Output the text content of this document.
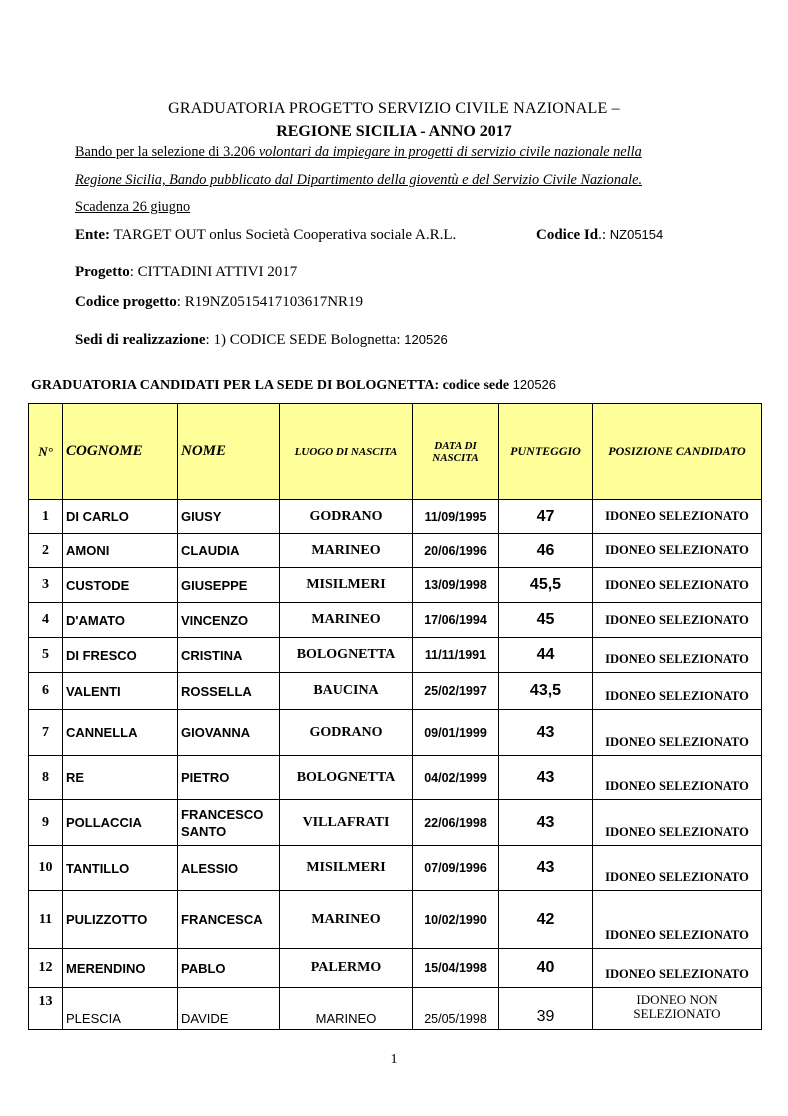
GRADUATORIA PROGETTO SERVIZIO CIVILE NAZIONALE –
REGIONE SICILIA - ANNO 2017
Bando per la selezione di 3.206 volontari da impiegare in progetti di servizio civile nazionale nella
Regione Sicilia, Bando pubblicato dal Dipartimento della gioventù e del Servizio Civile Nazionale.
Scadenza 26 giugno
Ente: TARGET OUT onlus Società Cooperativa sociale A.R.L.	Codice Id.: NZ05154
Progetto: CITTADINI ATTIVI 2017
Codice progetto: R19NZ0515417103617NR19
Sedi di realizzazione: 1) CODICE SEDE Bolognetta: 120526
GRADUATORIA CANDIDATI PER LA SEDE DI BOLOGNETTA: codice sede 120526
N°	COGNOME	NOME	LUOGO DI NASCITA	DATA DI NASCITA	PUNTEGGIO	POSIZIONE CANDIDATO
1	DI CARLO	GIUSY	GODRANO	11/09/1995	47	IDONEO SELEZIONATO
2	AMONI	CLAUDIA	MARINEO	20/06/1996	46	IDONEO SELEZIONATO
3	CUSTODE	GIUSEPPE	MISILMERI	13/09/1998	45,5	IDONEO SELEZIONATO
4	D'AMATO	VINCENZO	MARINEO	17/06/1994	45	IDONEO SELEZIONATO
5	DI FRESCO	CRISTINA	BOLOGNETTA	11/11/1991	44	IDONEO SELEZIONATO
6	VALENTI	ROSSELLA	BAUCINA	25/02/1997	43,5	IDONEO SELEZIONATO
7	CANNELLA	GIOVANNA	GODRANO	09/01/1999	43	IDONEO SELEZIONATO
8	RE	PIETRO	BOLOGNETTA	04/02/1999	43	IDONEO SELEZIONATO
9	POLLACCIA	FRANCESCO SANTO	VILLAFRATI	22/06/1998	43	IDONEO SELEZIONATO
10	TANTILLO	ALESSIO	MISILMERI	07/09/1996	43	IDONEO SELEZIONATO
11	PULIZZOTTO	FRANCESCA	MARINEO	10/02/1990	42	IDONEO SELEZIONATO
12	MERENDINO	PABLO	PALERMO	15/04/1998	40	IDONEO SELEZIONATO
13	PLESCIA	DAVIDE	MARINEO	25/05/1998	39	IDONEO NON SELEZIONATO
1
